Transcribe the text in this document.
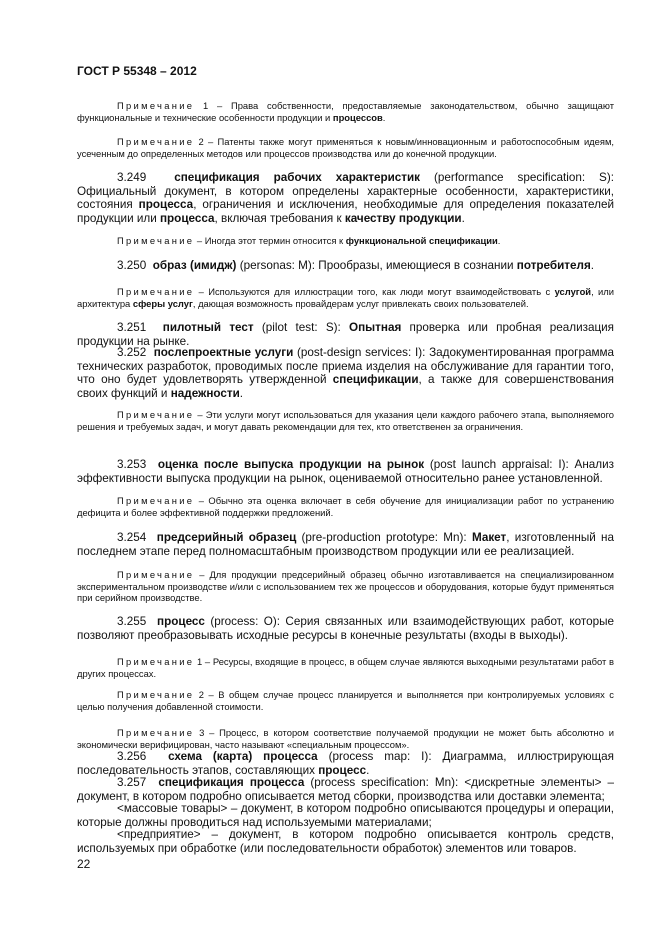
ГОСТ Р 55348 – 2012

Примечание 1 – Права собственности, предоставляемые законодательством, обычно защищают функциональные и технические особенности продукции и процессов.

Примечание 2 – Патенты также могут применяться к новым/инновационным и работоспособным идеям, усеченным до определенных методов или процессов производства или до конечной продукции.

3.249 спецификация рабочих характеристик (performance specification: S): Официальный документ, в котором определены характерные особенности, характеристики, состояния процесса, ограничения и исключения, необходимые для определения показателей продукции или процесса, включая требования к качеству продукции.

Примечание – Иногда этот термин относится к функциональной спецификации.

3.250 образ (имидж) (personas: M): Прообразы, имеющиеся в сознании потребителя.

Примечание – Используются для иллюстрации того, как люди могут взаимодействовать с услугой, или архитектура сферы услуг, дающая возможность провайдерам услуг привлекать своих пользователей.

3.251 пилотный тест (pilot test: S): Опытная проверка или пробная реализация продукции на рынке.

3.252 послепроектные услуги (post-design services: I): Задокументированная программа технических разработок, проводимых после приема изделия на обслуживание для гарантии того, что оно будет удовлетворять утвержденной спецификации, а также для совершенствования своих функций и надежности.

Примечание – Эти услуги могут использоваться для указания цели каждого рабочего этапа, выполняемого решения и требуемых задач, и могут давать рекомендации для тех, кто ответственен за ограничения.

3.253 оценка после выпуска продукции на рынок (post launch appraisal: I): Анализ эффективности выпуска продукции на рынок, оцениваемой относительно ранее установленной.

Примечание – Обычно эта оценка включает в себя обучение для инициализации работ по устранению дефицита и более эффективной поддержки предложений.

3.254 предсерийный образец (pre-production prototype: Mn): Макет, изготовленный на последнем этапе перед полномасштабным производством продукции или ее реализацией.

Примечание – Для продукции предсерийный образец обычно изготавливается на специализированном экспериментальном производстве и/или с использованием тех же процессов и оборудования, которые будут применяться при серийном производстве.

3.255 процесс (process: O): Серия связанных или взаимодействующих работ, которые позволяют преобразовывать исходные ресурсы в конечные результаты (входы в выходы).

Примечание 1 – Ресурсы, входящие в процесс, в общем случае являются выходными результатами работ в других процессах.

Примечание 2 – В общем случае процесс планируется и выполняется при контролируемых условиях с целью получения добавленной стоимости.

Примечание 3 – Процесс, в котором соответствие получаемой продукции не может быть абсолютно и экономически верифицирован, часто называют «специальным процессом».

3.256 схема (карта) процесса (process map: I): Диаграмма, иллюстрирующая последовательность этапов, составляющих процесс.

3.257 спецификация процесса (process specification: Mn): <дискретные элементы> – документ, в котором подробно описывается метод сборки, производства или доставки элемента;

<массовые товары> – документ, в котором подробно описываются процедуры и операции, которые должны проводиться над используемыми материалами;

<предприятие> – документ, в котором подробно описывается контроль средств, используемых при обработке (или последовательности обработок) элементов или товаров.

22
